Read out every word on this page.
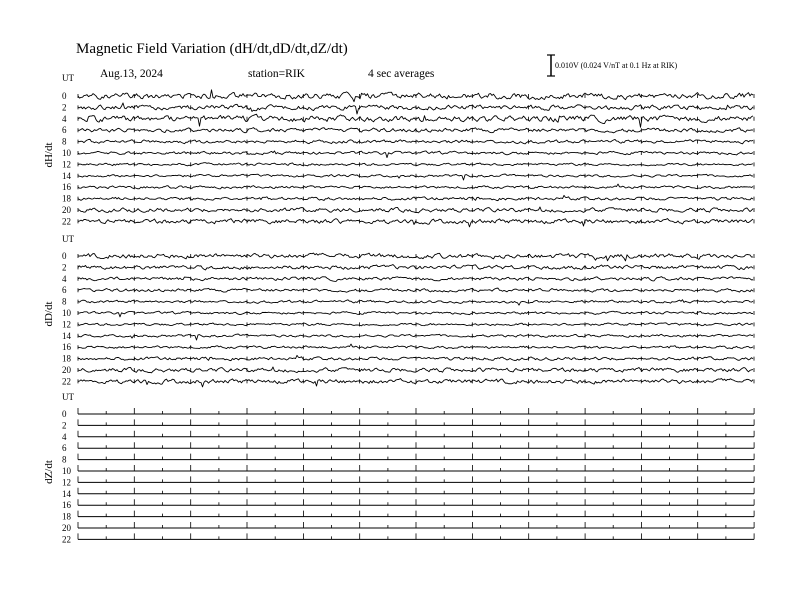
Magnetic Field Variation (dH/dt,dD/dt,dZ/dt)
Aug.13, 2024	station=RIK	4 sec averages
0.010V (0.024 V/nT at 0.1 Hz at RIK)
UT
dH/dt
0
2
4
6
8
10
12
14
16
18
20
22
UT
dD/dt
0
2
4
6
8
10
12
14
16
18
20
22
UT
dZ/dt
0
2
4
6
8
10
12
14
16
18
20
22
